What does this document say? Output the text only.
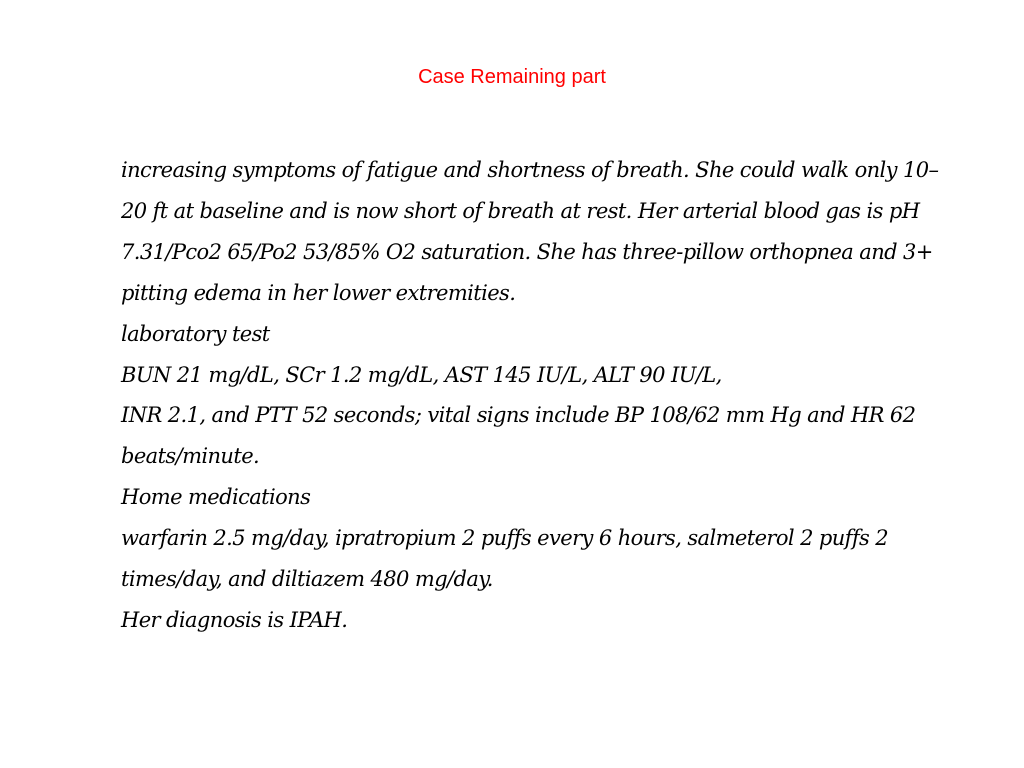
Case Remaining part

increasing symptoms of fatigue and shortness of breath. She could walk only 10–20 ft at baseline and is now short of breath at rest. Her arterial blood gas is pH 7.31/Pco2 65/Po2 53/85% O2 saturation. She has three-pillow orthopnea and 3+ pitting edema in her lower extremities.

laboratory test

BUN 21 mg/dL, SCr 1.2 mg/dL, AST 145 IU/L, ALT 90 IU/L,

INR 2.1, and PTT 52 seconds; vital signs include BP 108/62 mm Hg and HR 62 beats/minute.

Home medications

warfarin 2.5 mg/day, ipratropium 2 puffs every 6 hours, salmeterol 2 puffs 2 times/day, and diltiazem 480 mg/day.

Her diagnosis is IPAH.
